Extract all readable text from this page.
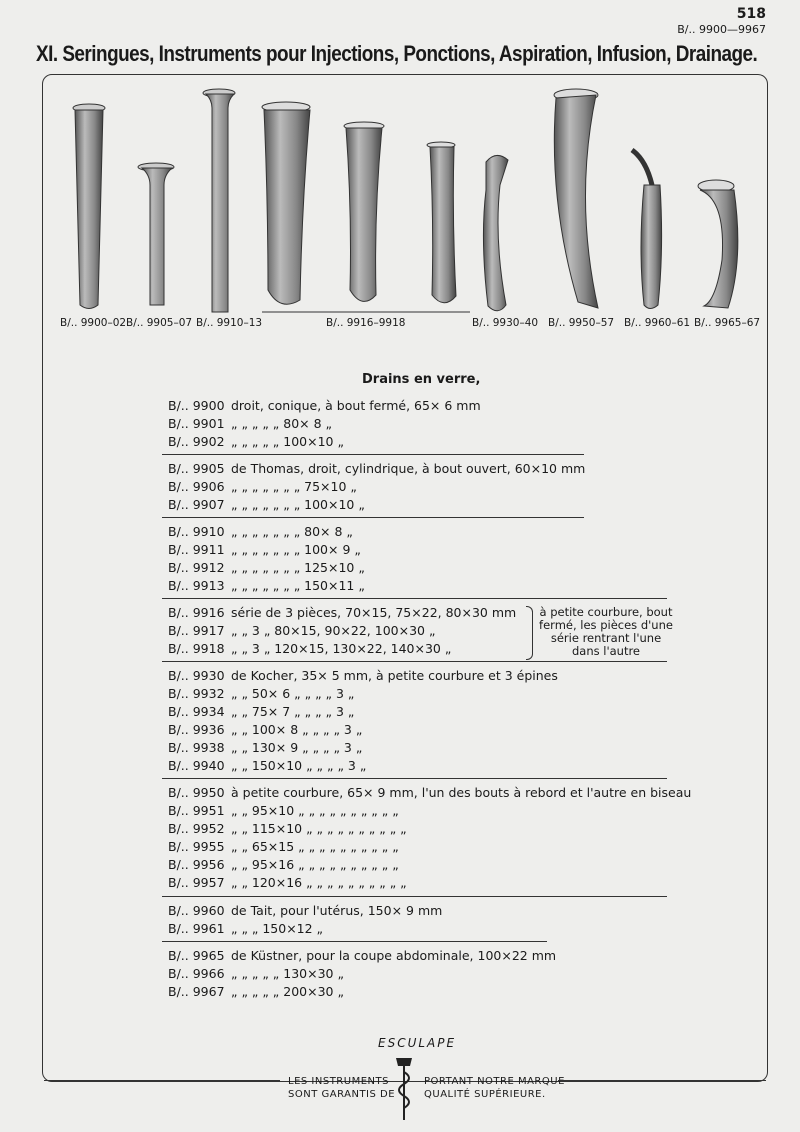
518
B/.. 9900—9967
XI. Seringues, Instruments pour Injections, Ponctions, Aspiration, Infusion, Drainage.
B/.. 9900–02 B/.. 9905–07 B/.. 9910–13	B/.. 9916–9918	B/.. 9930–40 B/.. 9950–57 B/.. 9960–61 B/.. 9965–67
Drains en verre,
B/.. 9900 droit, conique, à bout fermé, 65× 6 mm
B/.. 9901 „ „ „ „ „ 80× 8 „
B/.. 9902 „ „ „ „ „ 100×10 „
B/.. 9905 de Thomas, droit, cylindrique, à bout ouvert, 60×10 mm
B/.. 9906 „ „ „ „ „ „ „ 75×10 „
B/.. 9907 „ „ „ „ „ „ „ 100×10 „
B/.. 9910 „ „ „ „ „ „ „ 80× 8 „
B/.. 9911 „ „ „ „ „ „ „ 100× 9 „
B/.. 9912 „ „ „ „ „ „ „ 125×10 „
B/.. 9913 „ „ „ „ „ „ „ 150×11 „
B/.. 9916 série de 3 pièces, 70×15, 75×22, 80×30 mm
B/.. 9917 „ „ 3 „ 80×15, 90×22, 100×30 „
B/.. 9918 „ „ 3 „ 120×15, 130×22, 140×30 „
à petite courbure, bout fermé, les pièces d'une série rentrant l'une dans l'autre
B/.. 9930 de Kocher, 35× 5 mm, à petite courbure et 3 épines
B/.. 9932 „ „ 50× 6 „ „ „ „ 3 „
B/.. 9934 „ „ 75× 7 „ „ „ „ 3 „
B/.. 9936 „ „ 100× 8 „ „ „ „ 3 „
B/.. 9938 „ „ 130× 9 „ „ „ „ 3 „
B/.. 9940 „ „ 150×10 „ „ „ „ 3 „
B/.. 9950 à petite courbure, 65× 9 mm, l'un des bouts à rebord et l'autre en biseau
B/.. 9951 „ „ 95×10 „ „ „ „ „ „ „ „ „ „
B/.. 9952 „ „ 115×10 „ „ „ „ „ „ „ „ „ „
B/.. 9955 „ „ 65×15 „ „ „ „ „ „ „ „ „ „
B/.. 9956 „ „ 95×16 „ „ „ „ „ „ „ „ „ „
B/.. 9957 „ „ 120×16 „ „ „ „ „ „ „ „ „ „
B/.. 9960 de Tait, pour l'utérus, 150× 9 mm
B/.. 9961 „ „ „ 150×12 „
B/.. 9965 de Küstner, pour la coupe abdominale, 100×22 mm
B/.. 9966 „ „ „ „ „ 130×30 „
B/.. 9967 „ „ „ „ „ 200×30 „
ESCULAPE
LES INSTRUMENTS
SONT GARANTIS DE
PORTANT NOTRE MARQUE
QUALITÉ SUPÉRIEURE.
